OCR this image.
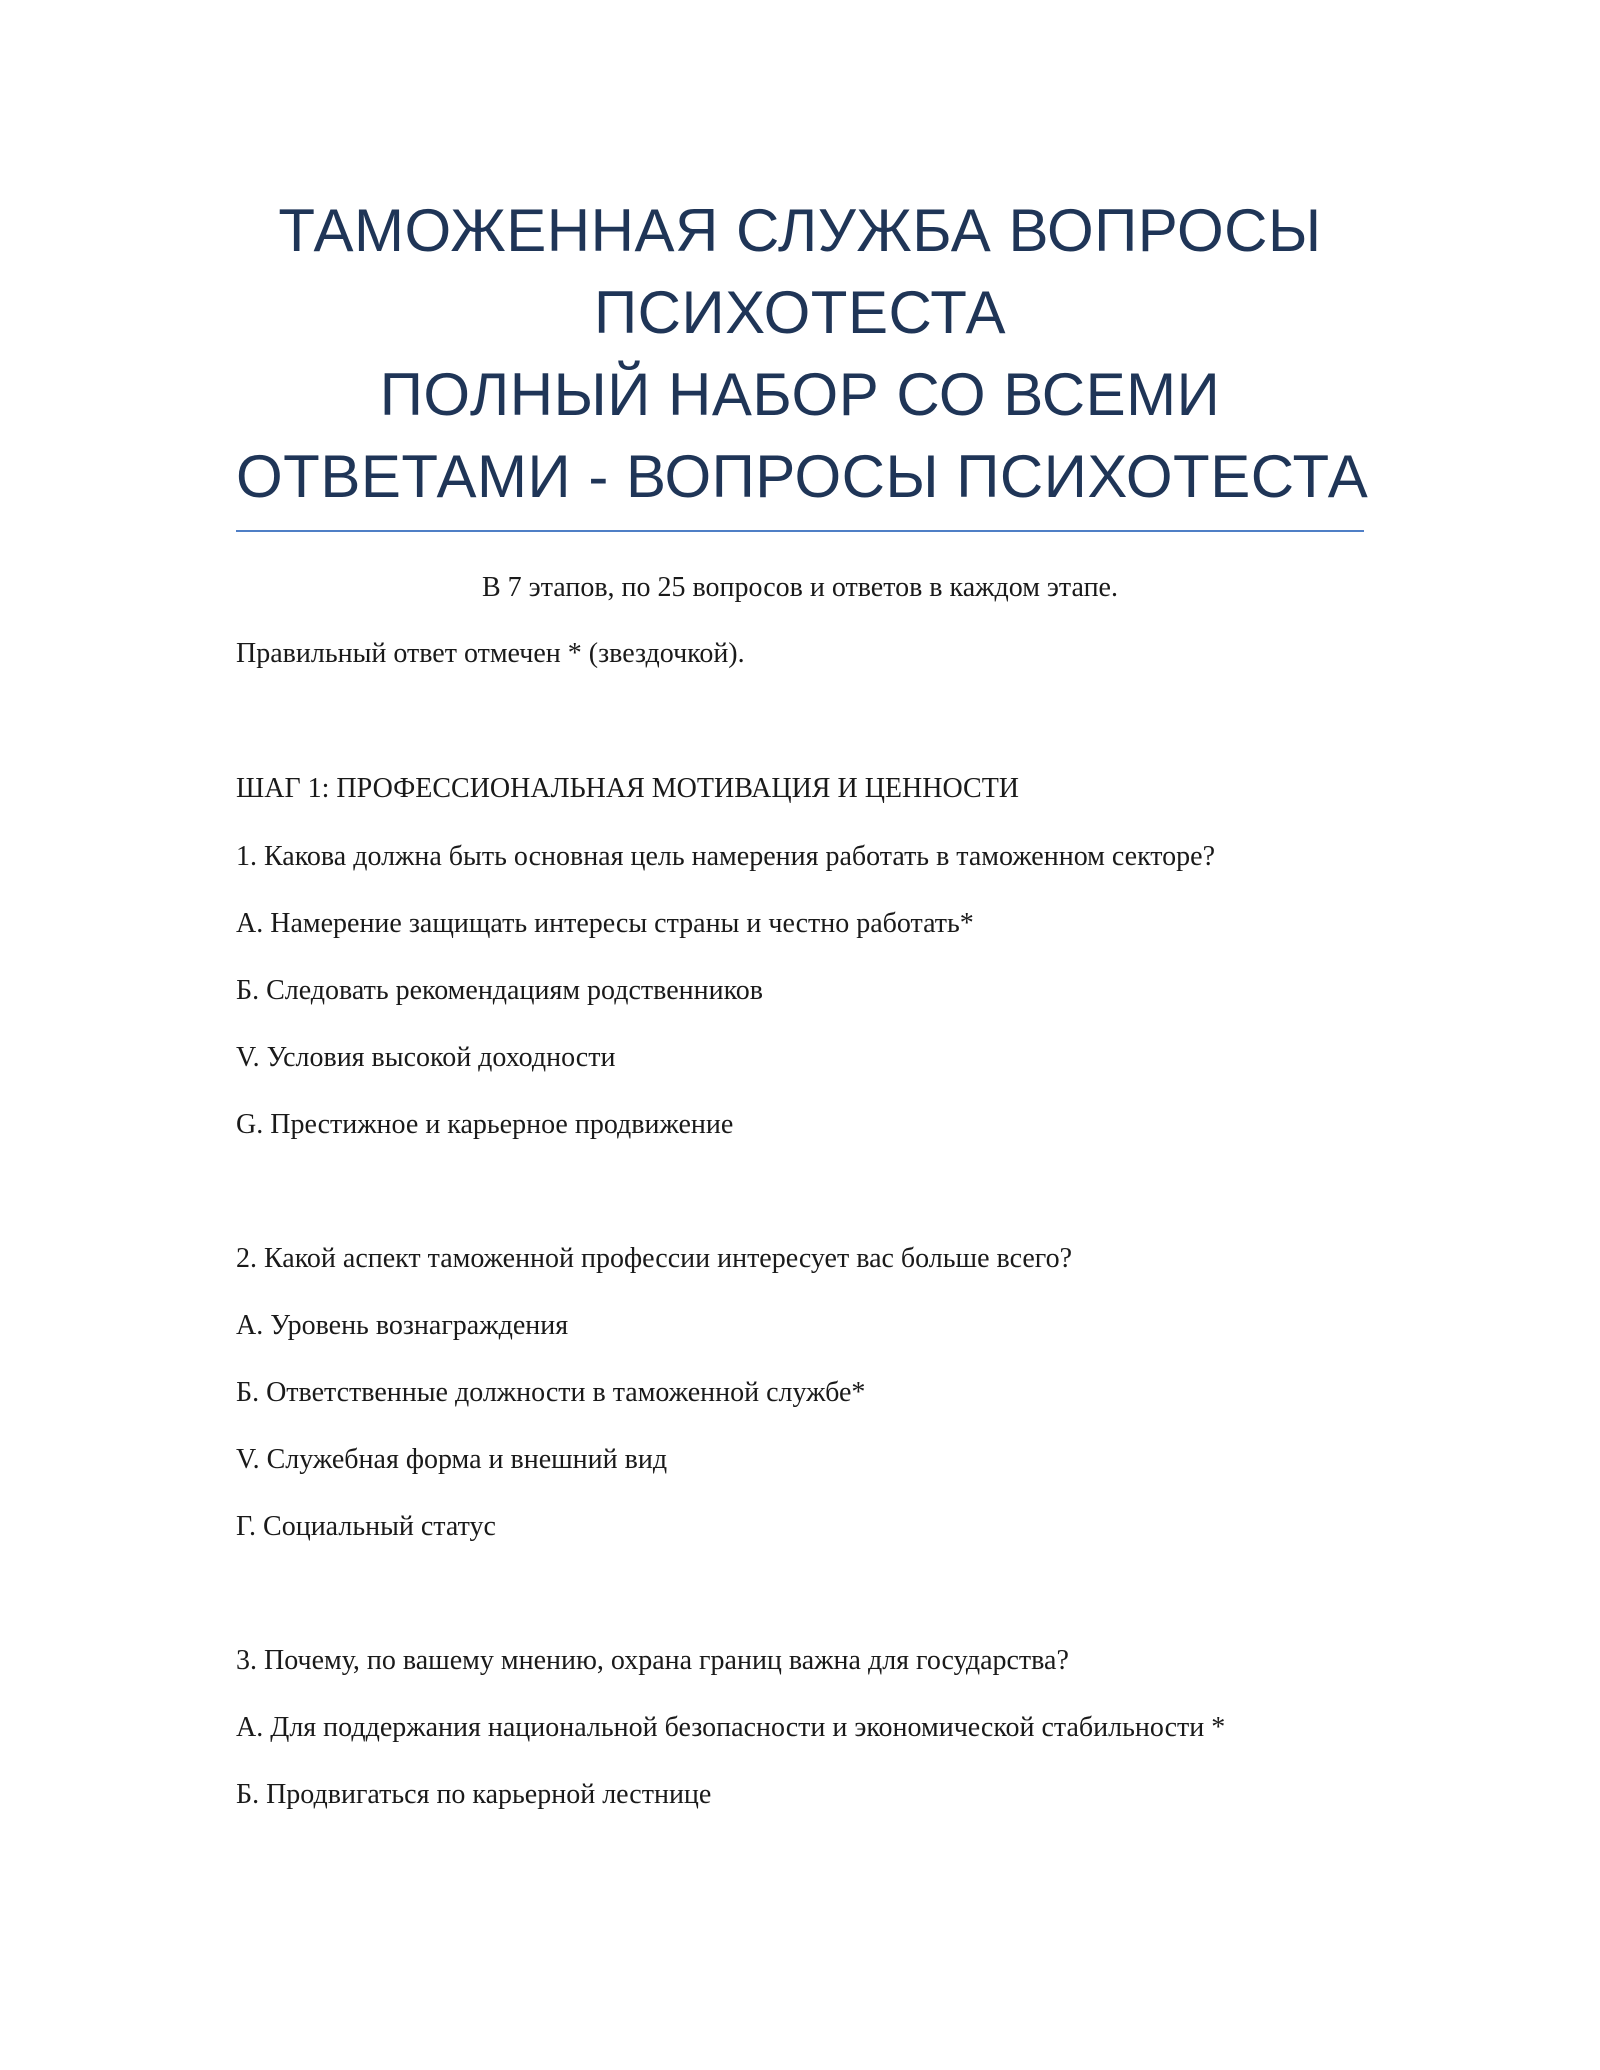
ТАМОЖЕННАЯ СЛУЖБА ВОПРОСЫ
ПСИХОТЕСТА
ПОЛНЫЙ НАБОР СО ВСЕМИ
ОТВЕТАМИ - ВОПРОСЫ ПСИХОТЕСТА
В 7 этапов, по 25 вопросов и ответов в каждом этапе.
Правильный ответ отмечен * (звездочкой).
ШАГ 1: ПРОФЕССИОНАЛЬНАЯ МОТИВАЦИЯ И ЦЕННОСТИ
1. Какова должна быть основная цель намерения работать в таможенном секторе?
А. Намерение защищать интересы страны и честно работать*
Б. Следовать рекомендациям родственников
V. Условия высокой доходности
G. Престижное и карьерное продвижение
2. Какой аспект таможенной профессии интересует вас больше всего?
А. Уровень вознаграждения
Б. Ответственные должности в таможенной службе*
V. Служебная форма и внешний вид
Г. Социальный статус
3. Почему, по вашему мнению, охрана границ важна для государства?
А. Для поддержания национальной безопасности и экономической стабильности *
Б. Продвигаться по карьерной лестнице
